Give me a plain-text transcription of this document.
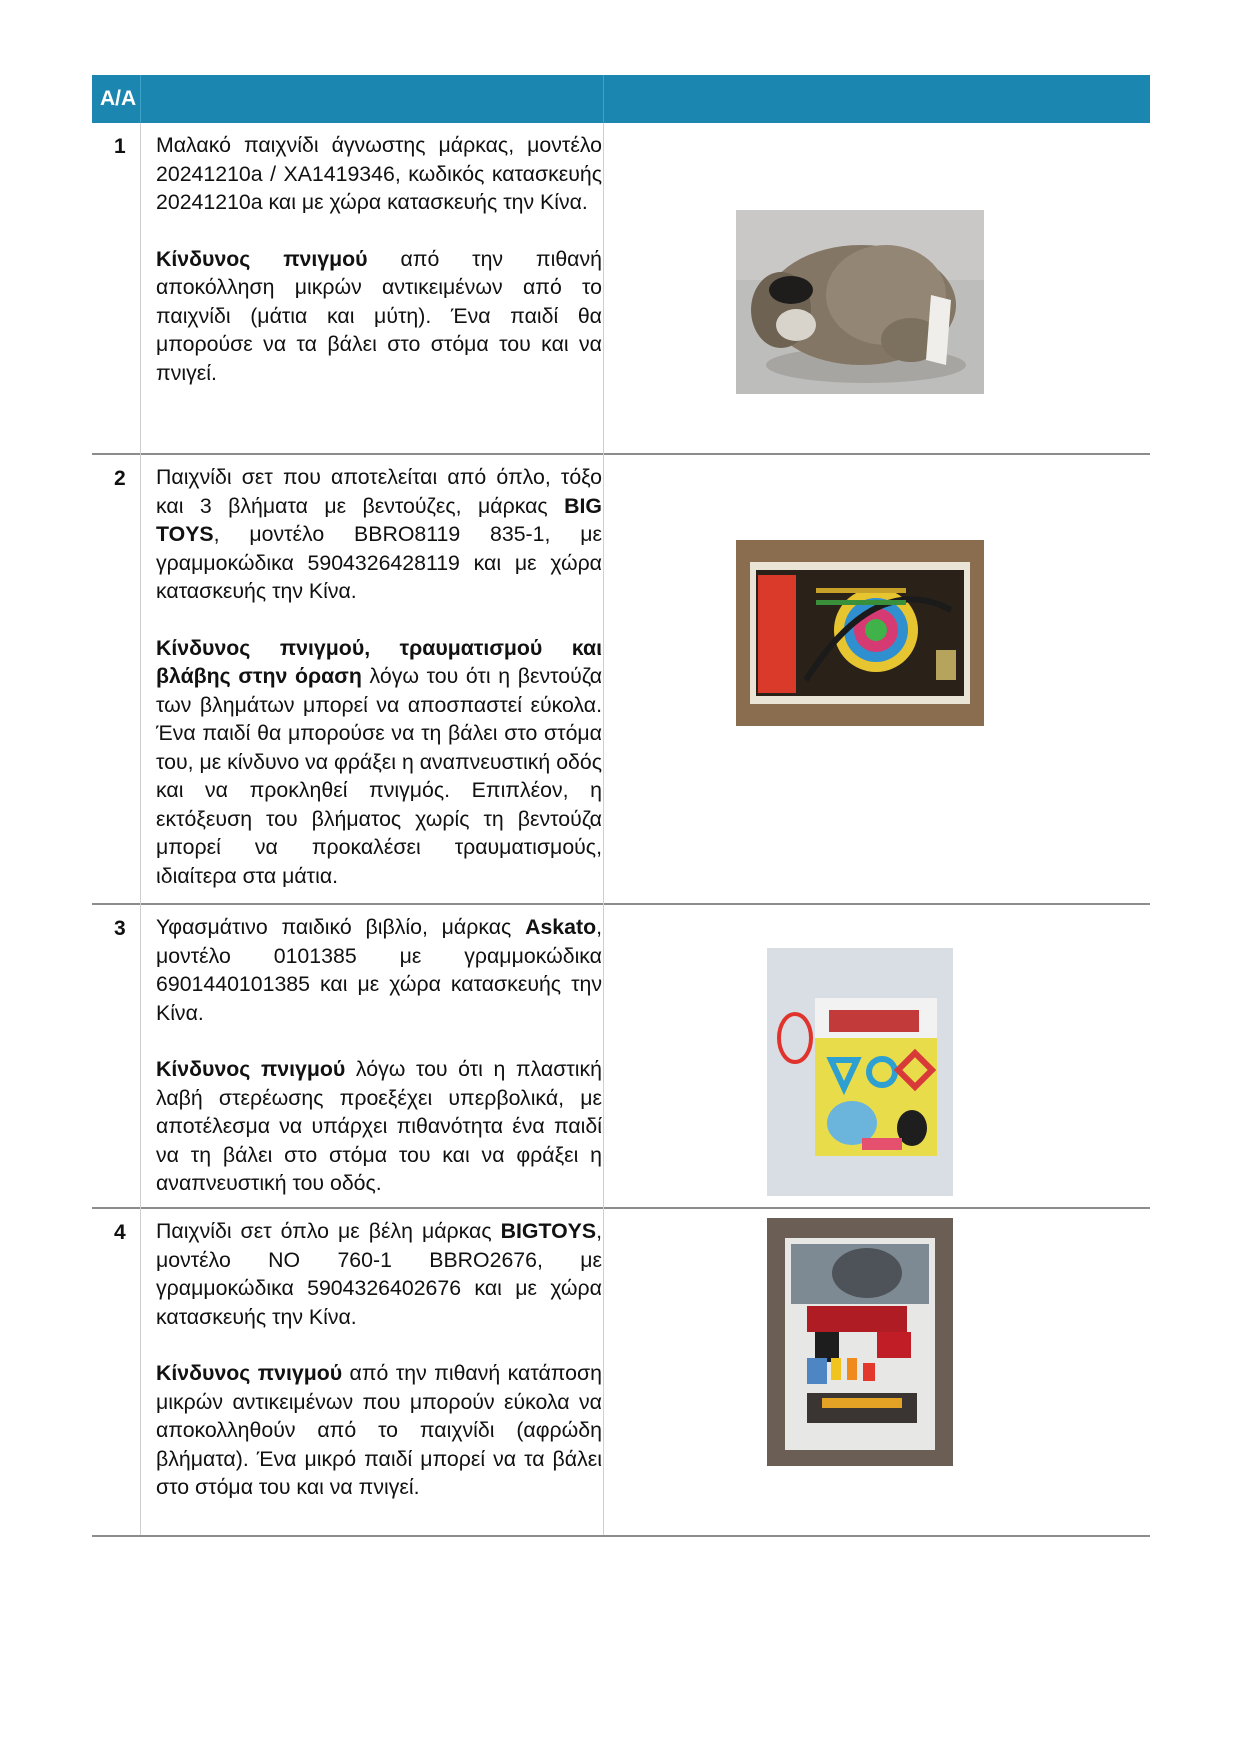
Α/Α
1 Μαλακό παιχνίδι άγνωστης μάρκας, μοντέλο 20241210a / XA1419346, κωδικός κατασκευής 20241210a και με χώρα κατασκευής την Κίνα.

Κίνδυνος πνιγμού από την πιθανή αποκόλληση μικρών αντικειμένων από το παιχνίδι (μάτια και μύτη). Ένα παιδί θα μπορούσε να τα βάλει στο στόμα του και να πνιγεί.

2 Παιχνίδι σετ που αποτελείται από όπλο, τόξο και 3 βλήματα με βεντούζες, μάρκας BIG TOYS, μοντέλο BBRO8119 835-1, με γραμμοκώδικα 5904326428119 και με χώρα κατασκευής την Κίνα.

Κίνδυνος πνιγμού, τραυματισμού και βλάβης στην όραση λόγω του ότι η βεντούζα των βλημάτων μπορεί να αποσπαστεί εύκολα. Ένα παιδί θα μπορούσε να τη βάλει στο στόμα του, με κίνδυνο να φράξει η αναπνευστική οδός και να προκληθεί πνιγμός. Επιπλέον, η εκτόξευση του βλήματος χωρίς τη βεντούζα μπορεί να προκαλέσει τραυματισμούς, ιδιαίτερα στα μάτια.

3 Υφασμάτινο παιδικό βιβλίο, μάρκας Askato, μοντέλο 0101385 με γραμμοκώδικα 6901440101385 και με χώρα κατασκευής την Κίνα.

Κίνδυνος πνιγμού λόγω του ότι η πλαστική λαβή στερέωσης προεξέχει υπερβολικά, με αποτέλεσμα να υπάρχει πιθανότητα ένα παιδί να τη βάλει στο στόμα του και να φράξει η αναπνευστική του οδός.

4 Παιχνίδι σετ όπλο με βέλη μάρκας BIGTOYS, μοντέλο NO 760-1 BBRO2676, με γραμμοκώδικα 5904326402676 και με χώρα κατασκευής την Κίνα.

Κίνδυνος πνιγμού από την πιθανή κατάποση μικρών αντικειμένων που μπορούν εύκολα να αποκολληθούν από το παιχνίδι (αφρώδη βλήματα). Ένα μικρό παιδί μπορεί να τα βάλει στο στόμα του και να πνιγεί.
